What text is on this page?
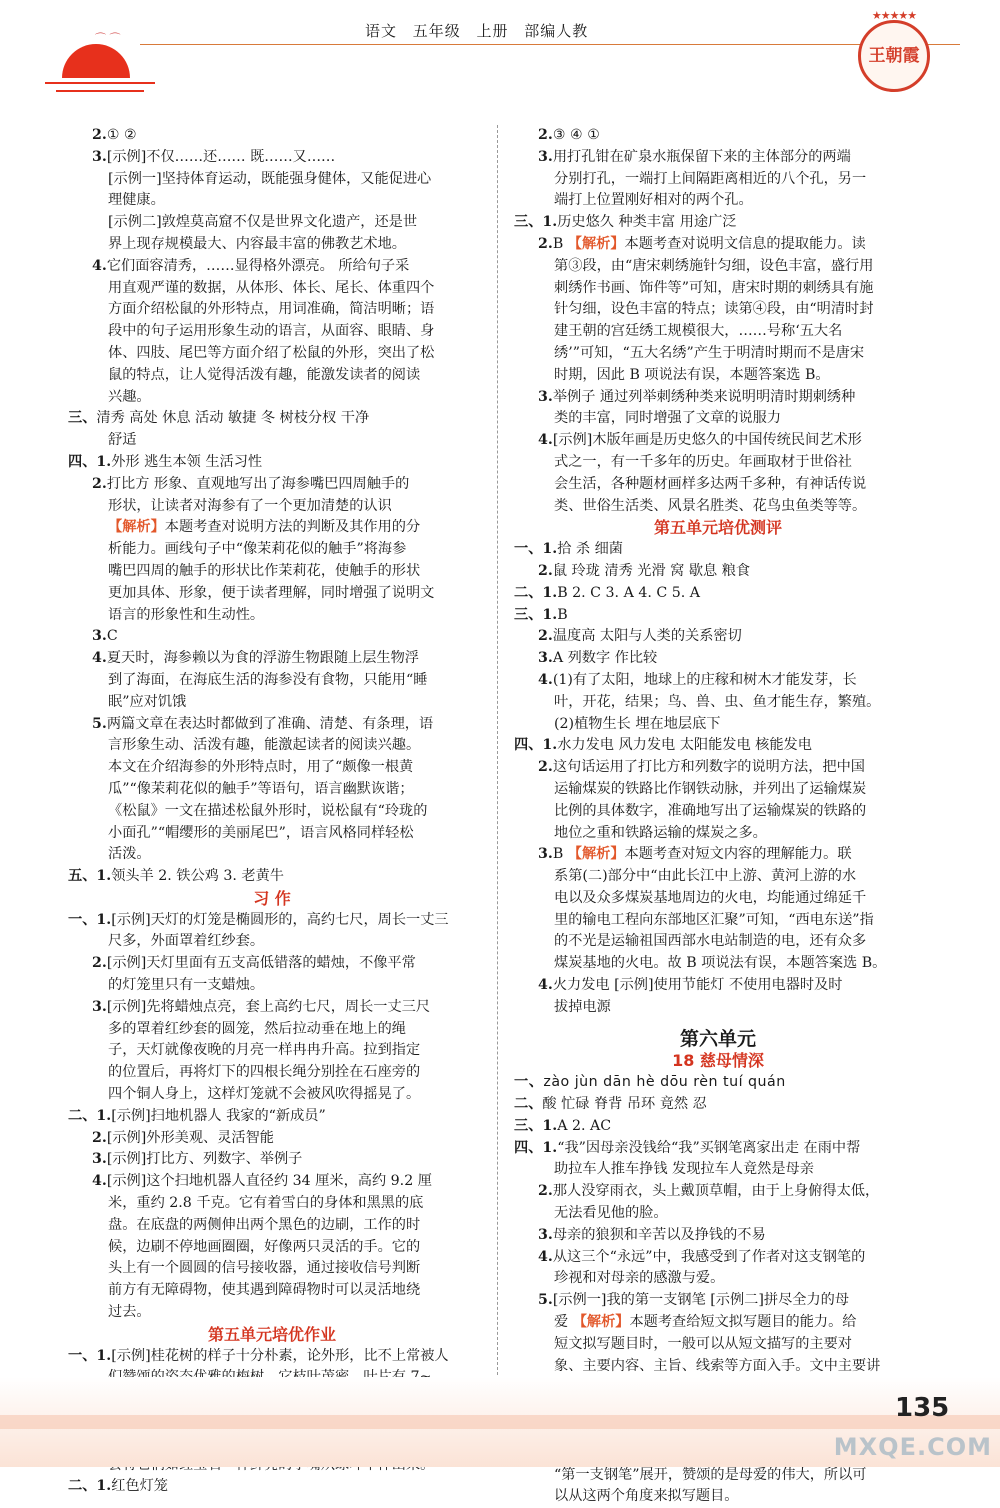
⌒ ⌒	语文 五年级 上册 部编人教
★★★★★
王朝霞
2.① ②
3.[示例]不仅……还…… 既……又……
[示例一]坚持体育运动，既能强身健体，又能促进心
理健康。
[示例二]敦煌莫高窟不仅是世界文化遗产，还是世
界上现存规模最大、内容最丰富的佛教艺术地。
4.它们面容清秀，……显得格外漂亮。 所给句子采
用直观严谨的数据，从体形、体长、尾长、体重四个
方面介绍松鼠的外形特点，用词准确，简洁明晰；语
段中的句子运用形象生动的语言，从面容、眼睛、身
体、四肢、尾巴等方面介绍了松鼠的外形，突出了松
鼠的特点，让人觉得活泼有趣，能激发读者的阅读
兴趣。
三、清秀 高处 休息 活动 敏捷 冬 树枝分杈 干净
舒适
四、1.外形 逃生本领 生活习性
2.打比方 形象、直观地写出了海参嘴巴四周触手的
形状，让读者对海参有了一个更加清楚的认识
【解析】本题考查对说明方法的判断及其作用的分
析能力。画线句子中“像茉莉花似的触手”将海参
嘴巴四周的触手的形状比作茉莉花，使触手的形状
更加具体、形象，便于读者理解，同时增强了说明文
语言的形象性和生动性。
3.C
4.夏天时，海参赖以为食的浮游生物跟随上层生物浮
到了海面，在海底生活的海参没有食物，只能用“睡
眠”应对饥饿
5.两篇文章在表达时都做到了准确、清楚、有条理，语
言形象生动、活泼有趣，能激起读者的阅读兴趣。
本文在介绍海参的外形特点时，用了“颇像一根黄
瓜”“像茉莉花似的触手”等语句，语言幽默诙谐；
《松鼠》一文在描述松鼠外形时，说松鼠有“玲珑的
小面孔”“帽缨形的美丽尾巴”，语言风格同样轻松
活泼。
五、1.领头羊 2. 铁公鸡 3. 老黄牛
习 作
一、1.[示例]天灯的灯笼是椭圆形的，高约七尺，周长一丈三
尺多，外面罩着红纱套。
2.[示例]天灯里面有五支高低错落的蜡烛，不像平常
的灯笼里只有一支蜡烛。
3.[示例]先将蜡烛点亮，套上高约七尺，周长一丈三尺
多的罩着红纱套的圆笼，然后拉动垂在地上的绳
子，天灯就像夜晚的月亮一样冉冉升高。拉到指定
的位置后，再将灯下的四根长绳分别拴在石座旁的
四个铜人身上，这样灯笼就不会被风吹得摇晃了。
二、1.[示例]扫地机器人 我家的“新成员”
2.[示例]外形美观、灵活智能
3.[示例]打比方、列数字、举例子
4.[示例]这个扫地机器人直径约 34 厘米，高约 9.2 厘
米，重约 2.8 千克。它有着雪白的身体和黑黑的底
盘。在底盘的两侧伸出两个黑色的边刷，工作的时
候，边刷不停地画圈圈，好像两只灵活的手。它的
头上有一个圆圆的信号接收器，通过接收信号判断
前方有无障碍物，使其遇到障碍物时可以灵活地绕
过去。
第五单元培优作业
一、1.[示例]桂花树的样子十分朴素，论外形，比不上常被人
二、1.红色灯笼
2.③ ④ ①
3.用打孔钳在矿泉水瓶保留下来的主体部分的两端
分别打孔，一端打上间隔距离相近的八个孔，另一
端打上位置刚好相对的两个孔。
三、1.历史悠久 种类丰富 用途广泛
2.B 【解析】本题考查对说明文信息的提取能力。读
第③段，由“唐宋刺绣施针匀细，设色丰富，盛行用
刺绣作书画、饰件等”可知，唐宋时期的刺绣具有施
针匀细，设色丰富的特点；读第④段，由“明清时封
建王朝的宫廷绣工规模很大，……号称‘五大名
绣’”可知，“五大名绣”产生于明清时期而不是唐宋
时期，因此 B 项说法有误，本题答案选 B。
3.举例子 通过列举刺绣种类来说明明清时期刺绣种
类的丰富，同时增强了文章的说服力
4.[示例]木版年画是历史悠久的中国传统民间艺术形
式之一，有一千多年的历史。年画取材于世俗社
会生活，各种题材画样多达两千多种，有神话传说
类、世俗生活类、风景名胜类、花鸟虫鱼类等等。
第五单元培优测评
一、1.拾 杀 细菌
2.鼠 玲珑 清秀 光滑 窝 歇息 粮食
二、1.B 2. C 3. A 4. C 5. A
三、1.B
2.温度高 太阳与人类的关系密切
3.A 列数字 作比较
4.(1)有了太阳，地球上的庄稼和树木才能发芽，长
叶，开花，结果；鸟、兽、虫、鱼才能生存，繁殖。
(2)植物生长 埋在地层底下
四、1.水力发电 风力发电 太阳能发电 核能发电
2.这句话运用了打比方和列数字的说明方法，把中国
运输煤炭的铁路比作钢铁动脉，并列出了运输煤炭
比例的具体数字，准确地写出了运输煤炭的铁路的
地位之重和铁路运输的煤炭之多。
3.B 【解析】本题考查对短文内容的理解能力。联
系第(二)部分中“由此长江中上游、黄河上游的水
电以及众多煤炭基地周边的火电，均能通过绵延千
里的输电工程向东部地区汇聚”可知，“西电东送”指
的不光是运输祖国西部水电站制造的电，还有众多
煤炭基地的火电。故 B 项说法有误，本题答案选 B。
4.火力发电 [示例]使用节能灯 不使用电器时及时
拔掉电源
第六单元
18 慈母情深
一、zào jùn dān hè dōu rèn tuí quán
二、酸 忙碌 脊背 吊环 竟然 忍
三、1.A 2. AC
四、1.“我”因母亲没钱给“我”买钢笔离家出走 在雨中帮
助拉车人推车挣钱 发现拉车人竟然是母亲
2.那人没穿雨衣，头上戴顶草帽，由于上身俯得太低，
无法看见他的脸。
3.母亲的狼狈和辛苦以及挣钱的不易
4.从这三个“永远”中，我感受到了作者对这支钢笔的
珍视和对母亲的感激与爱。
5.[示例一]我的第一支钢笔 [示例二]拼尽全力的母
爱 【解析】本题考查给短文拟写题目的能力。给
短文拟写题目时，一般可以从短文描写的主要对
象、主要内容、主旨、线索等方面入手。文中主要讲
“第一支钢笔”展开，赞颂的是母爱的伟大，所以可
以从这两个角度来拟写题目。
135
MXQE.COM
